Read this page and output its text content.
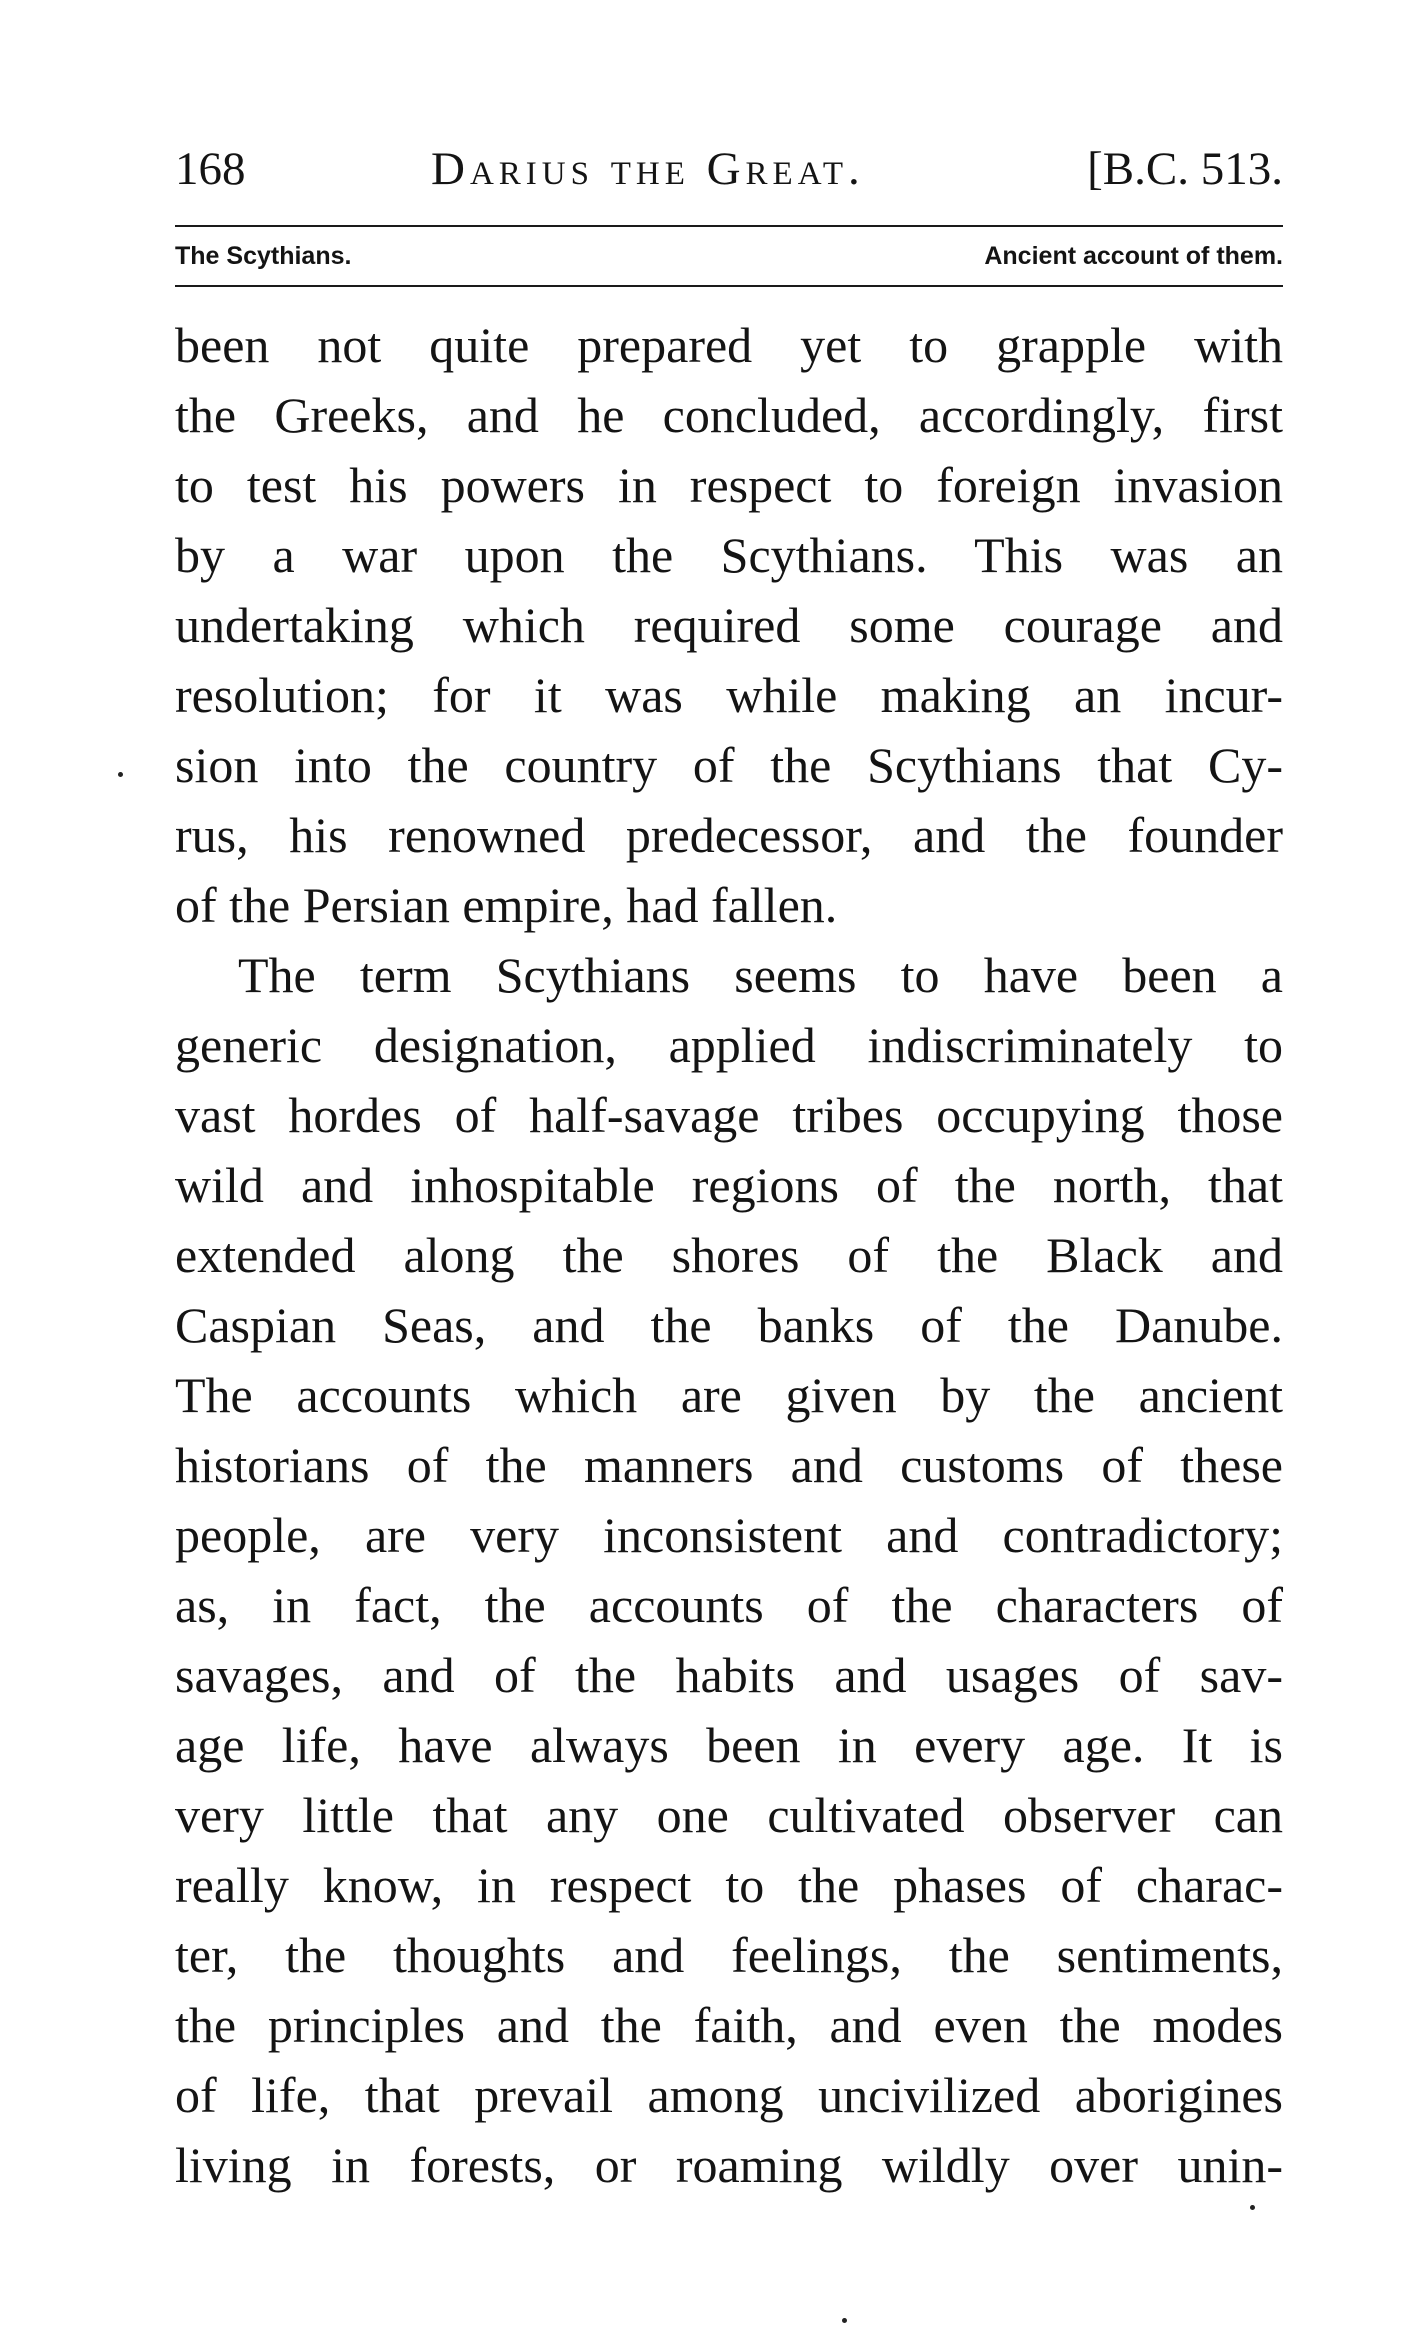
168	Darius the Great.	[B.C. 513.
The Scythians.	Ancient account of them.
been not quite prepared yet to grapple with
the Greeks, and he concluded, accordingly, first
to test his powers in respect to foreign invasion
by a war upon the Scythians. This was an
undertaking which required some courage and
resolution; for it was while making an incur-
sion into the country of the Scythians that Cy-
rus, his renowned predecessor, and the founder
of the Persian empire, had fallen.
The term Scythians seems to have been a
generic designation, applied indiscriminately to
vast hordes of half-savage tribes occupying those
wild and inhospitable regions of the north, that
extended along the shores of the Black and
Caspian Seas, and the banks of the Danube.
The accounts which are given by the ancient
historians of the manners and customs of these
people, are very inconsistent and contradictory;
as, in fact, the accounts of the characters of
savages, and of the habits and usages of sav-
age life, have always been in every age. It is
very little that any one cultivated observer can
really know, in respect to the phases of charac-
ter, the thoughts and feelings, the sentiments,
the principles and the faith, and even the modes
of life, that prevail among uncivilized aborigines
living in forests, or roaming wildly over unin-
